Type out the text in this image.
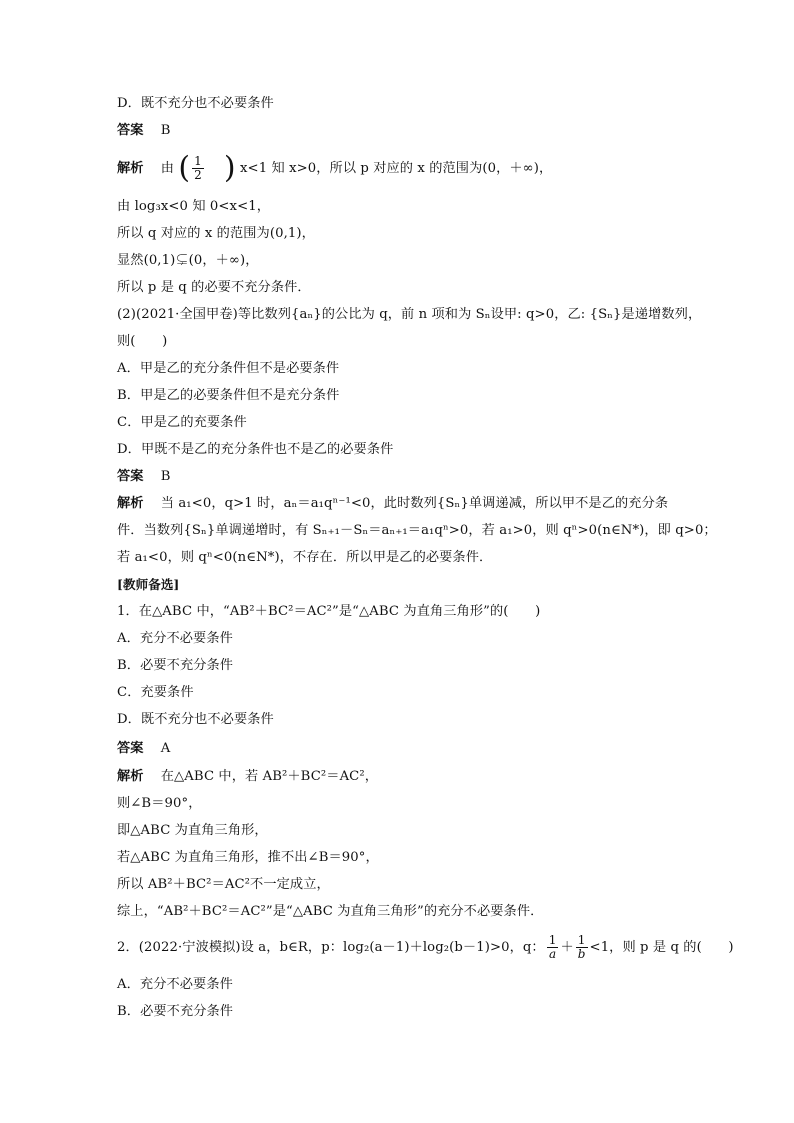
D．既不充分也不必要条件
答案 B
解析 由 ( $\frac{1}{2}$ ) x<1 知 x>0，所以 p 对应的 x 的范围为(0，＋∞)，
由 log₃x<0 知 0<x<1，
所以 q 对应的 x 的范围为(0,1)，
显然(0,1)⊊(0，＋∞)，
所以 p 是 q 的必要不充分条件．
(2)(2021·全国甲卷)等比数列{aₙ}的公比为 q，前 n 项和为 Sₙ设甲: q>0，乙: {Sₙ}是递增数列，
则(　　)
A．甲是乙的充分条件但不是必要条件
B．甲是乙的必要条件但不是充分条件
C．甲是乙的充要条件
D．甲既不是乙的充分条件也不是乙的必要条件
答案 B
解析 当 a₁<0，q>1 时，aₙ＝a₁qⁿ⁻¹<0，此时数列{Sₙ}单调递减，所以甲不是乙的充分条
件．当数列{Sₙ}单调递增时，有 Sₙ₊₁－Sₙ＝aₙ₊₁＝a₁qⁿ>0，若 a₁>0，则 qⁿ>0(n∈N*)，即 q>0；
若 a₁<0，则 qⁿ<0(n∈N*)，不存在．所以甲是乙的必要条件．
[教师备选]
1．在△ABC 中，“AB²＋BC²＝AC²”是“△ABC 为直角三角形”的(　　)
A．充分不必要条件
B．必要不充分条件
C．充要条件
D．既不充分也不必要条件
答案 A
解析 在△ABC 中，若 AB²＋BC²＝AC²，
则∠B＝90°，
即△ABC 为直角三角形，
若△ABC 为直角三角形，推不出∠B＝90°，
所以 AB²＋BC²＝AC²不一定成立，
综上，“AB²＋BC²＝AC²”是“△ABC 为直角三角形”的充分不必要条件．
2．(2022·宁波模拟)设 a，b∈R，p：log₂(a－1)＋log₂(b－1)>0，q： $\frac{1}{a} + \frac{1}{b} <1$，则 p 是 q 的(　　)
A．充分不必要条件
B．必要不充分条件
